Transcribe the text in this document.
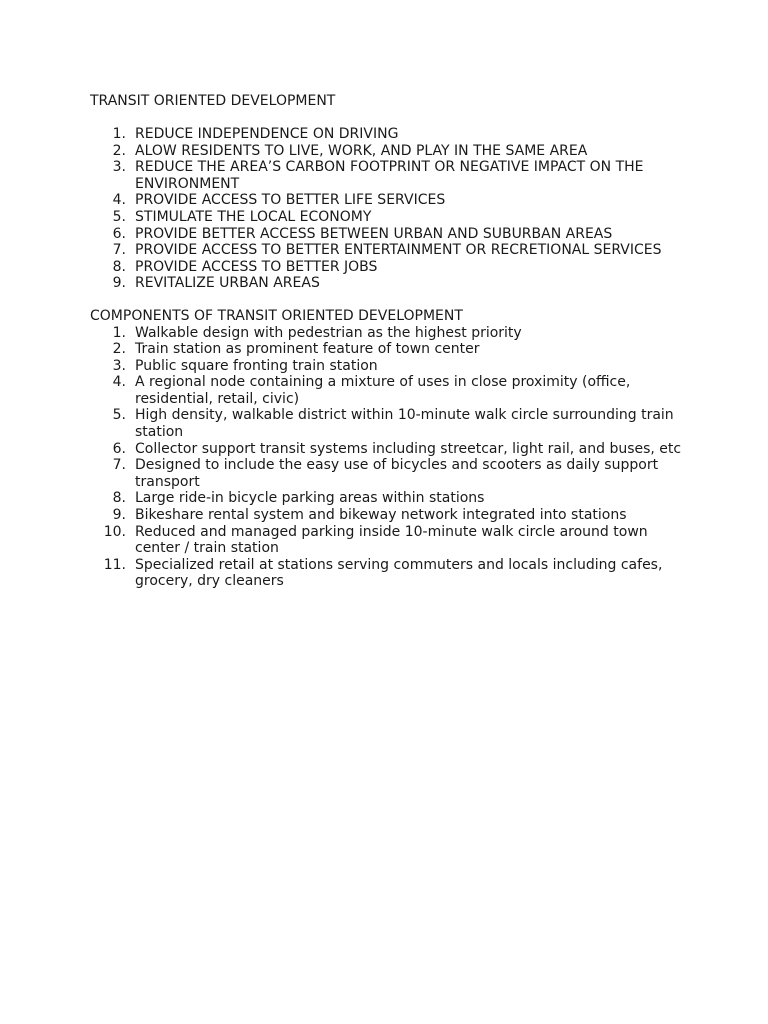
TRANSIT ORIENTED DEVELOPMENT
1. REDUCE INDEPENDENCE ON DRIVING
2. ALOW RESIDENTS TO LIVE, WORK, AND PLAY IN THE SAME AREA
3. REDUCE THE AREA’S CARBON FOOTPRINT OR NEGATIVE IMPACT ON THE ENVIRONMENT
4. PROVIDE ACCESS TO BETTER LIFE SERVICES
5. STIMULATE THE LOCAL ECONOMY
6. PROVIDE BETTER ACCESS BETWEEN URBAN AND SUBURBAN AREAS
7. PROVIDE ACCESS TO BETTER ENTERTAINMENT OR RECRETIONAL SERVICES
8. PROVIDE ACCESS TO BETTER JOBS
9. REVITALIZE URBAN AREAS
COMPONENTS OF TRANSIT ORIENTED DEVELOPMENT
1. Walkable design with pedestrian as the highest priority
2. Train station as prominent feature of town center
3. Public square fronting train station
4. A regional node containing a mixture of uses in close proximity (office, residential, retail, civic)
5. High density, walkable district within 10-minute walk circle surrounding train station
6. Collector support transit systems including streetcar, light rail, and buses, etc
7. Designed to include the easy use of bicycles and scooters as daily support transport
8. Large ride-in bicycle parking areas within stations
9. Bikeshare rental system and bikeway network integrated into stations
10. Reduced and managed parking inside 10-minute walk circle around town center / train station
11. Specialized retail at stations serving commuters and locals including cafes, grocery, dry cleaners
